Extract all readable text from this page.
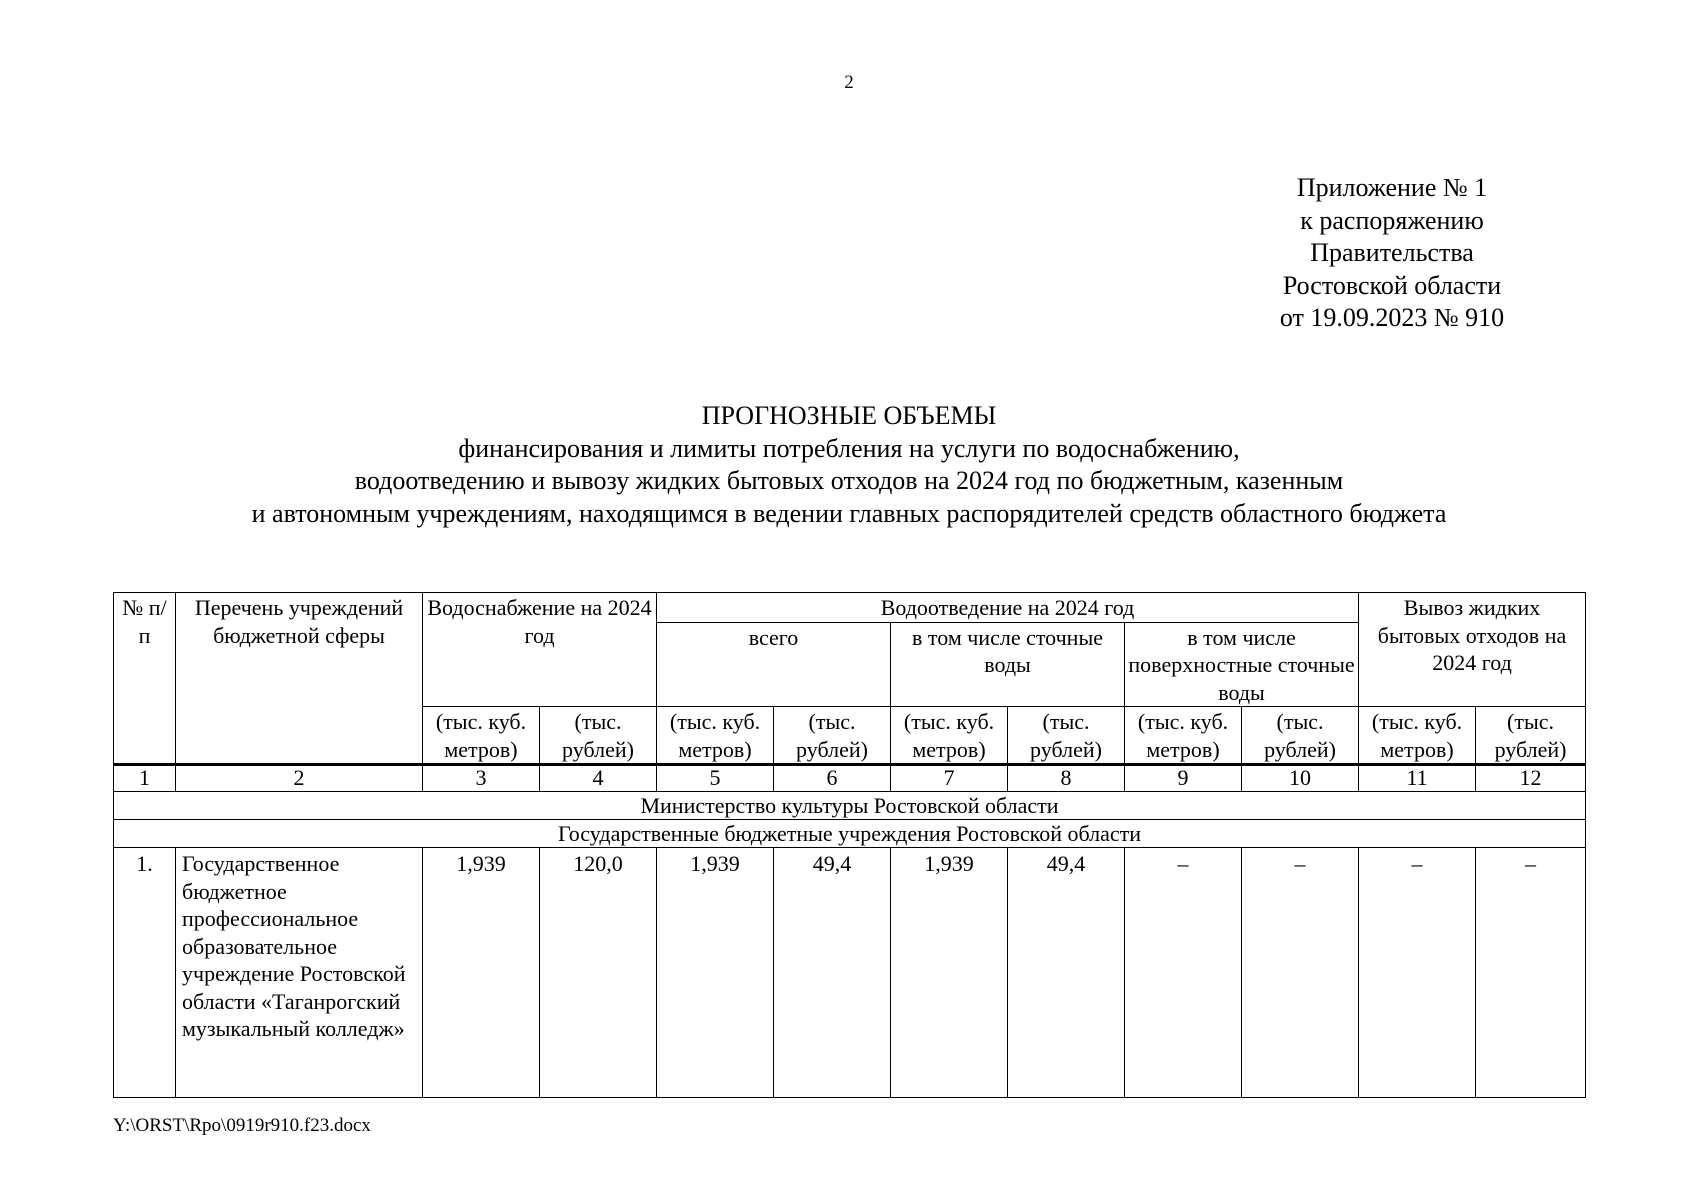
2
Приложение № 1
к распоряжению
Правительства
Ростовской области
от 19.09.2023 № 910
ПРОГНОЗНЫЕ ОБЪЕМЫ
финансирования и лимиты потребления на услуги по водоснабжению,
водоотведению и вывозу жидких бытовых отходов на 2024 год по бюджетным, казенным
и автономным учреждениям, находящимся в ведении главных распорядителей средств областного бюджета
№ п/п	Перечень учреждений бюджетной сферы	Водоснабжение на 2024 год		Водоотведение на 2024 год						Вывоз жидких бытовых отходов на 2024 год	
				всего		в том числе сточные воды		в том числе поверхностные сточные воды			
		(тыс. куб. метров)	(тыс. рублей)	(тыс. куб. метров)	(тыс. рублей)	(тыс. куб. метров)	(тыс. рублей)	(тыс. куб. метров)	(тыс. рублей)	(тыс. куб. метров)	(тыс. рублей)
1	2	3	4	5	6	7	8	9	10	11	12
Министерство культуры Ростовской области											
Государственные бюджетные учреждения Ростовской области											
1.	Государственное бюджетное профессиональное образовательное учреждение Ростовской области «Таганрогский музыкальный колледж»	1,939	120,0	1,939	49,4	1,939	49,4	–	–	–	–
Y:\ORST\Rpo\0919r910.f23.docx
